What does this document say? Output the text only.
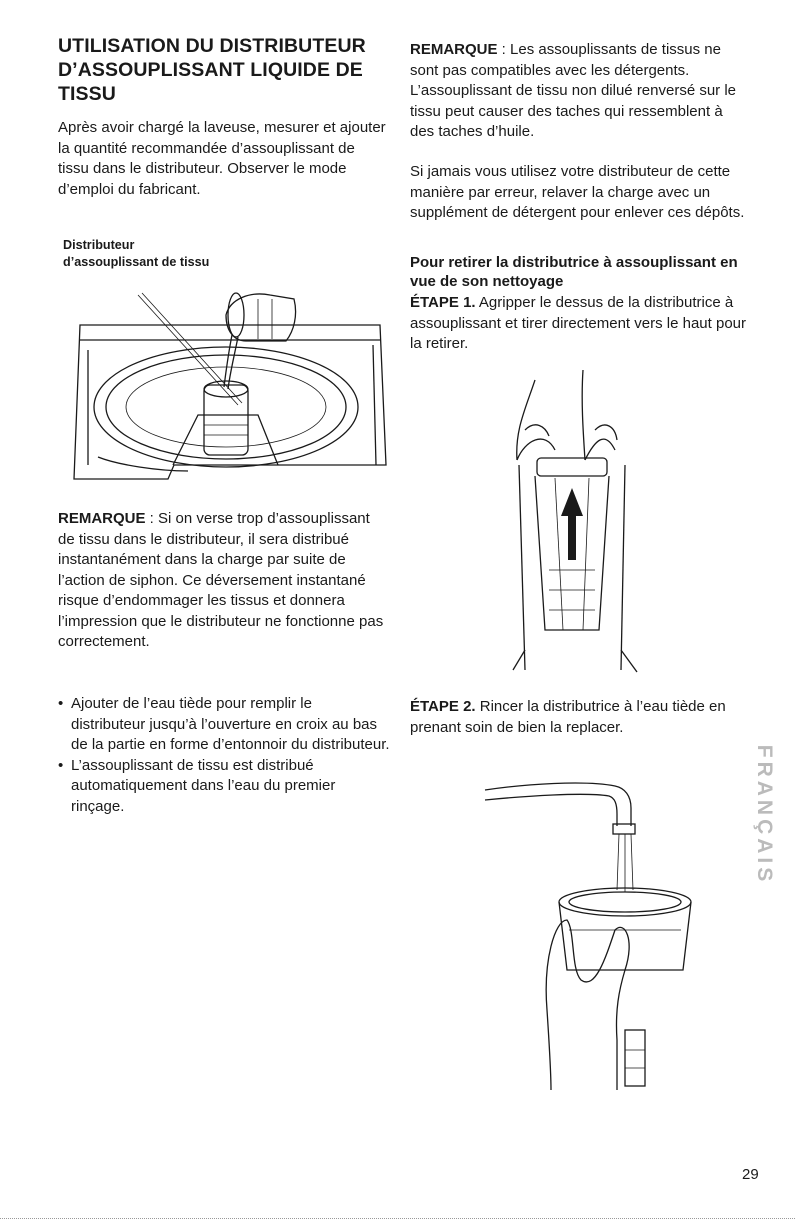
UTILISATION DU DISTRIBUTEUR D’ASSOUPLISSANT LIQUIDE DE TISSU

Après avoir chargé la laveuse, mesurer et ajouter la quantité recommandée d’assouplissant de tissu dans le distributeur. Observer le mode d’emploi du fabricant.

Distributeur d’assouplissant de tissu

REMARQUE : Si on verse trop d’assouplissant de tissu dans le distributeur, il sera distribué instantanément dans la charge par suite de l’action de siphon. Ce déversement instantané risque d’endommager les tissus et donnera l’impression que le distributeur ne fonctionne pas correctement.

• Ajouter de l’eau tiède pour remplir le distributeur jusqu’à l’ouverture en croix au bas de la partie en forme d’entonnoir du distributeur.
• L’assouplissant de tissu est distribué automatiquement dans l’eau du premier rinçage.

REMARQUE : Les assouplissants de tissus ne sont pas compatibles avec les détergents. L’assouplissant de tissu non dilué renversé sur le tissu peut causer des taches qui ressemblent à des taches d’huile.

Si jamais vous utilisez votre distributeur de cette manière par erreur, relaver la charge avec un supplément de détergent pour enlever ces dépôts.

Pour retirer la distributrice à assouplissant en vue de son nettoyage

ÉTAPE 1. Agripper le dessus de la distributrice à assouplissant et tirer directement vers le haut pour la retirer.

ÉTAPE 2. Rincer la distributrice à l’eau tiède en prenant soin de bien la replacer.

FRANÇAIS
29
